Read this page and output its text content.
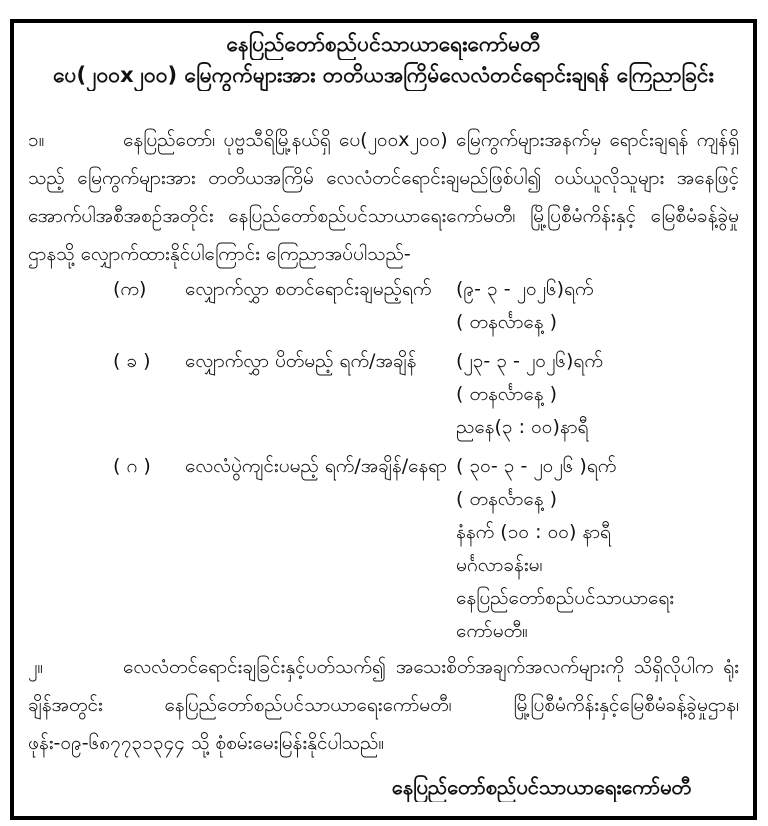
နေပြည်တော်စည်ပင်သာယာရေးကော်မတီ
ပေ(၂၀၀x၂၀၀) မြေကွက်များအား တတိယအကြိမ်လေလံတင်ရောင်းချရန် ကြေညာခြင်း

၁။	နေပြည်တော်၊ ပုဗ္ဗသီရိမြို့နယ်ရှိ ပေ(၂၀၀x၂၀၀) မြေကွက်များအနက်မှ ရောင်းချရန် ကျန်ရှိသည့် မြေကွက်များအား တတိယအကြိမ် လေလံတင်ရောင်းချမည်ဖြစ်ပါ၍ ဝယ်ယူလိုသူများ အနေဖြင့် အောက်ပါအစီအစဉ်အတိုင်း နေပြည်တော်စည်ပင်သာယာရေးကော်မတီ၊ မြို့ပြစီမံကိန်းနှင့် မြေစီမံခန့်ခွဲမှုဌာနသို့ လျှောက်ထားနိုင်ပါကြောင်း ကြေညာအပ်ပါသည်-

(က)	လျှောက်လွှာ စတင်ရောင်းချမည့်ရက်	(၉- ၃ - ၂၀၂၆)ရက်
( တနင်္လာနေ့ )
( ခ )	လျှောက်လွှာ ပိတ်မည့် ရက်/အချိန်	(၂၃- ၃ - ၂၀၂၆)ရက်
( တနင်္လာနေ့ )
ညနေ(၃ : ၀၀)နာရီ
( ဂ )	လေလံပွဲကျင်းပမည့် ရက်/အချိန်/နေရာ ( ၃၀- ၃ - ၂၀၂၆ )ရက်
( တနင်္လာနေ့ )
နံနက် (၁၀ : ၀၀) နာရီ
မင်္ဂလာခန်းမ၊
နေပြည်တော်စည်ပင်သာယာရေး
ကော်မတီ။

၂။	လေလံတင်ရောင်းချခြင်းနှင့်ပတ်သက်၍ အသေးစိတ်အချက်အလက်များကို သိရှိလိုပါက ရုံးချိန်အတွင်း နေပြည်တော်စည်ပင်သာယာရေးကော်မတီ၊ မြို့ပြစီမံကိန်းနှင့်မြေစီမံခန့်ခွဲမှုဌာန၊ ဖုန်း-၀၉-၆၈၇၇၃၁၃၄၄ သို့ စုံစမ်းမေးမြန်းနိုင်ပါသည်။

နေပြည်တော်စည်ပင်သာယာရေးကော်မတီ
